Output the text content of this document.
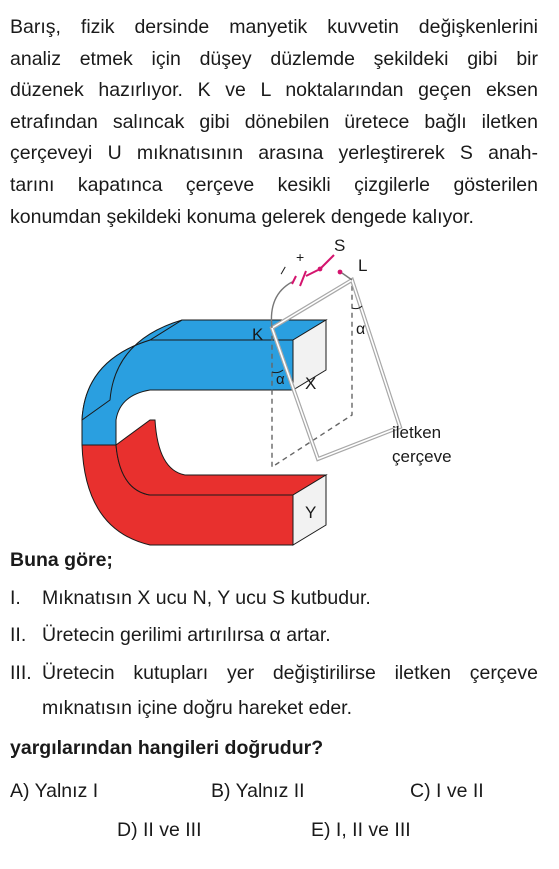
Barış, fizik dersinde manyetik kuvvetin değişkenlerini
analiz etmek için düşey düzlemde şekildeki gibi bir
düzenek hazırlıyor. K ve L noktalarından geçen eksen
etrafından salıncak gibi dönebilen üretece bağlı iletken
çerçeveyi U mıknatısının arasına yerleştirerek S anah-
tarını kapatınca çerçeve kesikli çizgilerle gösterilen
konumdan şekildeki konuma gelerek dengede kalıyor.
X
Y
–
+
S
L
K	α
α
iletken
çerçeve
Buna göre;
I. Mıknatısın X ucu N, Y ucu S kutbudur.
II. Üretecin gerilimi artırılırsa α artar.
III. Üretecin kutupları yer değiştirilirse iletken çerçeve
mıknatısın içine doğru hareket eder.
yargılarından hangileri doğrudur?
A) Yalnız I	B) Yalnız II	C) I ve II
D) II ve III	E) I, II ve III
